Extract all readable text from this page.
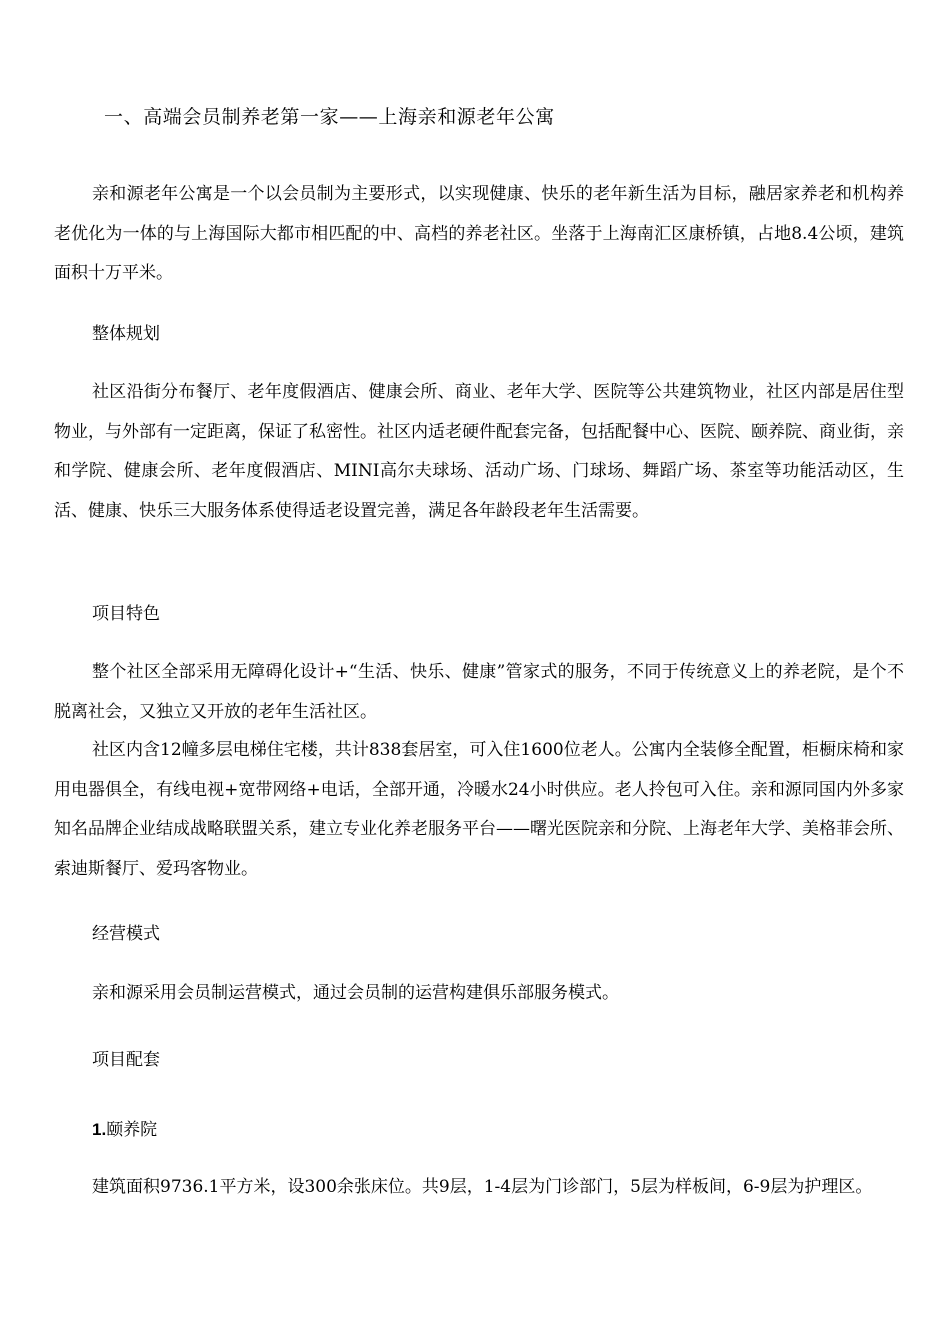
一、高端会员制养老第一家——上海亲和源老年公寓

亲和源老年公寓是一个以会员制为主要形式，以实现健康、快乐的老年新生活为目标，融居家养老和机构养老优化为一体的与上海国际大都市相匹配的中、高档的养老社区。坐落于上海南汇区康桥镇，占地8.4公顷，建筑面积十万平米。

整体规划

社区沿街分布餐厅、老年度假酒店、健康会所、商业、老年大学、医院等公共建筑物业，社区内部是居住型物业，与外部有一定距离，保证了私密性。社区内适老硬件配套完备，包括配餐中心、医院、颐养院、商业街，亲和学院、健康会所、老年度假酒店、MINI高尔夫球场、活动广场、门球场、舞蹈广场、茶室等功能活动区，生活、健康、快乐三大服务体系使得适老设置完善，满足各年龄段老年生活需要。

项目特色

整个社区全部采用无障碍化设计+“生活、快乐、健康”管家式的服务，不同于传统意义上的养老院，是个不脱离社会，又独立又开放的老年生活社区。

社区内含12幢多层电梯住宅楼，共计838套居室，可入住1600位老人。公寓内全装修全配置，柜橱床椅和家用电器俱全，有线电视+宽带网络+电话，全部开通，冷暖水24小时供应。老人拎包可入住。亲和源同国内外多家知名品牌企业结成战略联盟关系，建立专业化养老服务平台——曙光医院亲和分院、上海老年大学、美格菲会所、索迪斯餐厅、爱玛客物业。

经营模式

亲和源采用会员制运营模式，通过会员制的运营构建俱乐部服务模式。

项目配套

1.颐养院

建筑面积9736.1平方米，设300余张床位。共9层，1-4层为门诊部门，5层为样板间，6-9层为护理区。
